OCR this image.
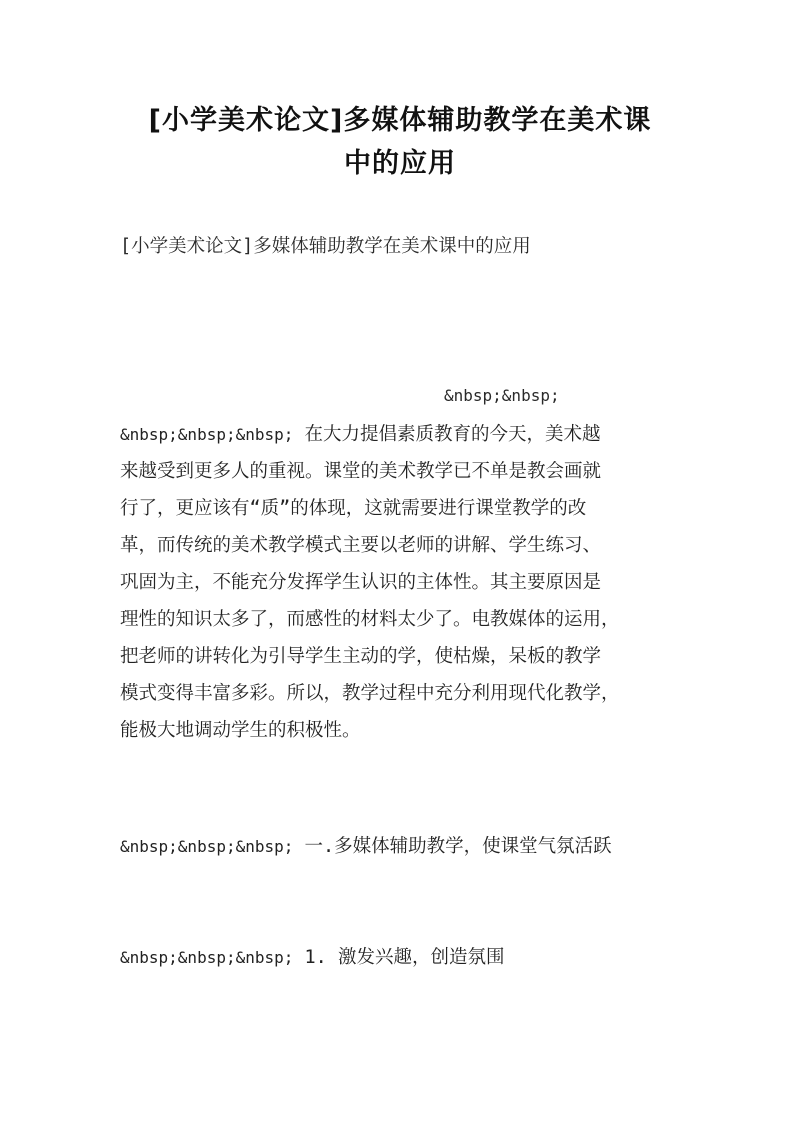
[小学美术论文]多媒体辅助教学在美术课
中的应用
[小学美术论文]多媒体辅助教学在美术课中的应用
&nbsp;&nbsp;
&nbsp;&nbsp;&nbsp; 在大力提倡素质教育的今天，美术越
来越受到更多人的重视。课堂的美术教学已不单是教会画就
行了，更应该有“质”的体现，这就需要进行课堂教学的改
革，而传统的美术教学模式主要以老师的讲解、学生练习、
巩固为主，不能充分发挥学生认识的主体性。其主要原因是
理性的知识太多了，而感性的材料太少了。电教媒体的运用，
把老师的讲转化为引导学生主动的学，使枯燥，呆板的教学
模式变得丰富多彩。所以，教学过程中充分利用现代化教学，
能极大地调动学生的积极性。
&nbsp;&nbsp;&nbsp; 一.多媒体辅助教学，使课堂气氛活跃
&nbsp;&nbsp;&nbsp; 1. 激发兴趣，创造氛围
